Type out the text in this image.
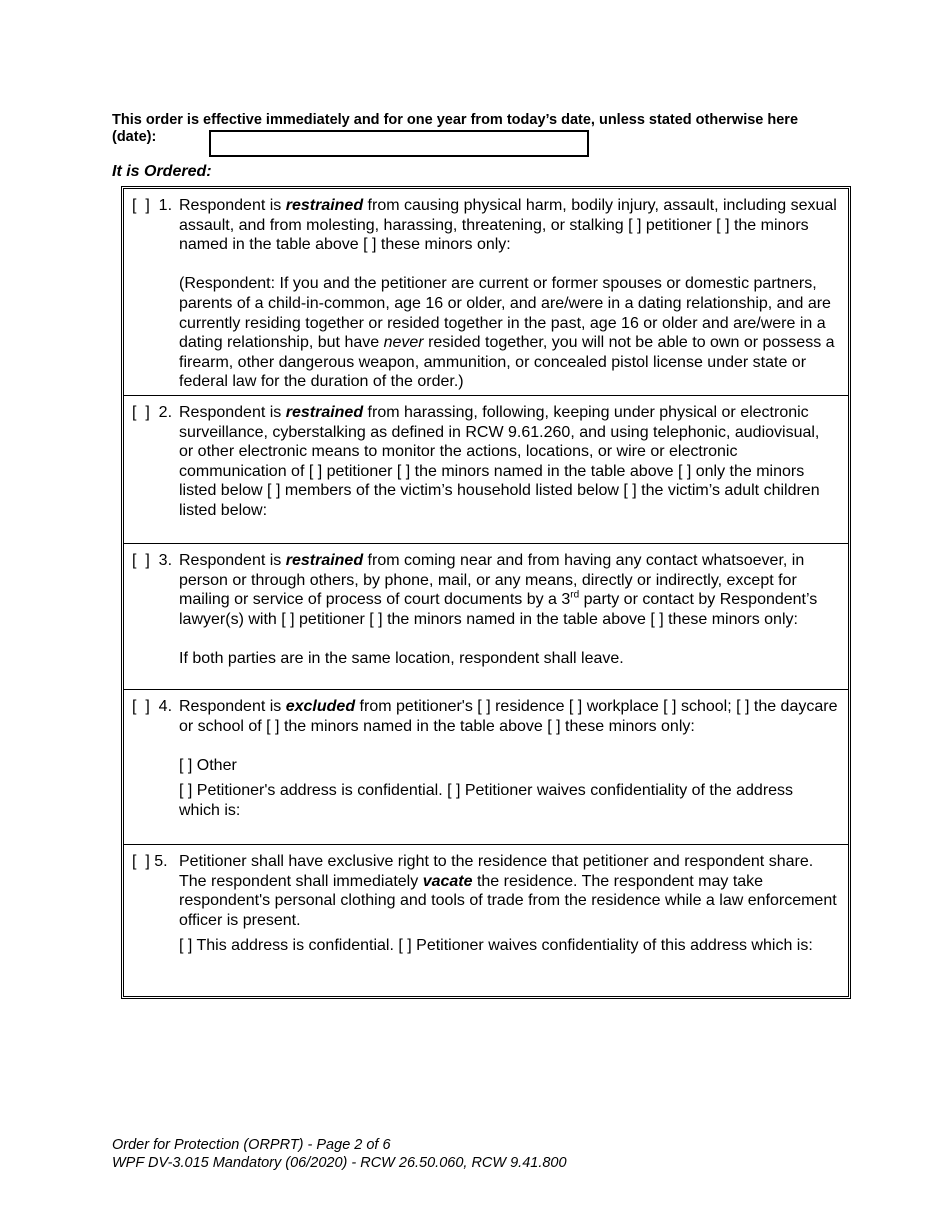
This order is effective immediately and for one year from today’s date, unless stated otherwise here (date):
It is Ordered:
[  ]  1. Respondent is restrained from causing physical harm, bodily injury, assault, including sexual assault, and from molesting, harassing, threatening, or stalking [ ] petitioner [ ] the minors named in the table above [ ] these minors only:

(Respondent: If you and the petitioner are current or former spouses or domestic partners, parents of a child-in-common, age 16 or older, and are/were in a dating relationship, and are currently residing together or resided together in the past, age 16 or older and are/were in a dating relationship, but have never resided together, you will not be able to own or possess a firearm, other dangerous weapon, ammunition, or concealed pistol license under state or federal law for the duration of the order.)

[  ]  2. Respondent is restrained from harassing, following, keeping under physical or electronic surveillance, cyberstalking as defined in RCW 9.61.260, and using telephonic, audiovisual, or other electronic means to monitor the actions, locations, or wire or electronic communication of [ ] petitioner [ ] the minors named in the table above [ ] only the minors listed below [ ] members of the victim’s household listed below [ ] the victim’s adult children listed below:

[  ]  3. Respondent is restrained from coming near and from having any contact whatsoever, in person or through others, by phone, mail, or any means, directly or indirectly, except for mailing or service of process of court documents by a 3rd party or contact by Respondent’s lawyer(s) with [ ] petitioner [ ] the minors named in the table above [ ] these minors only:

If both parties are in the same location, respondent shall leave.

[  ]  4. Respondent is excluded from petitioner's [ ] residence [ ] workplace [ ] school; [ ] the daycare or school of [ ] the minors named in the table above [ ] these minors only:

[ ] Other

[ ] Petitioner's address is confidential. [ ] Petitioner waives confidentiality of the address which is:

[  ] 5. Petitioner shall have exclusive right to the residence that petitioner and respondent share. The respondent shall immediately vacate the residence. The respondent may take respondent's personal clothing and tools of trade from the residence while a law enforcement officer is present.

[ ] This address is confidential. [ ] Petitioner waives confidentiality of this address which is:

Order for Protection (ORPRT) - Page 2 of 6
WPF DV-3.015 Mandatory (06/2020) - RCW 26.50.060, RCW 9.41.800
